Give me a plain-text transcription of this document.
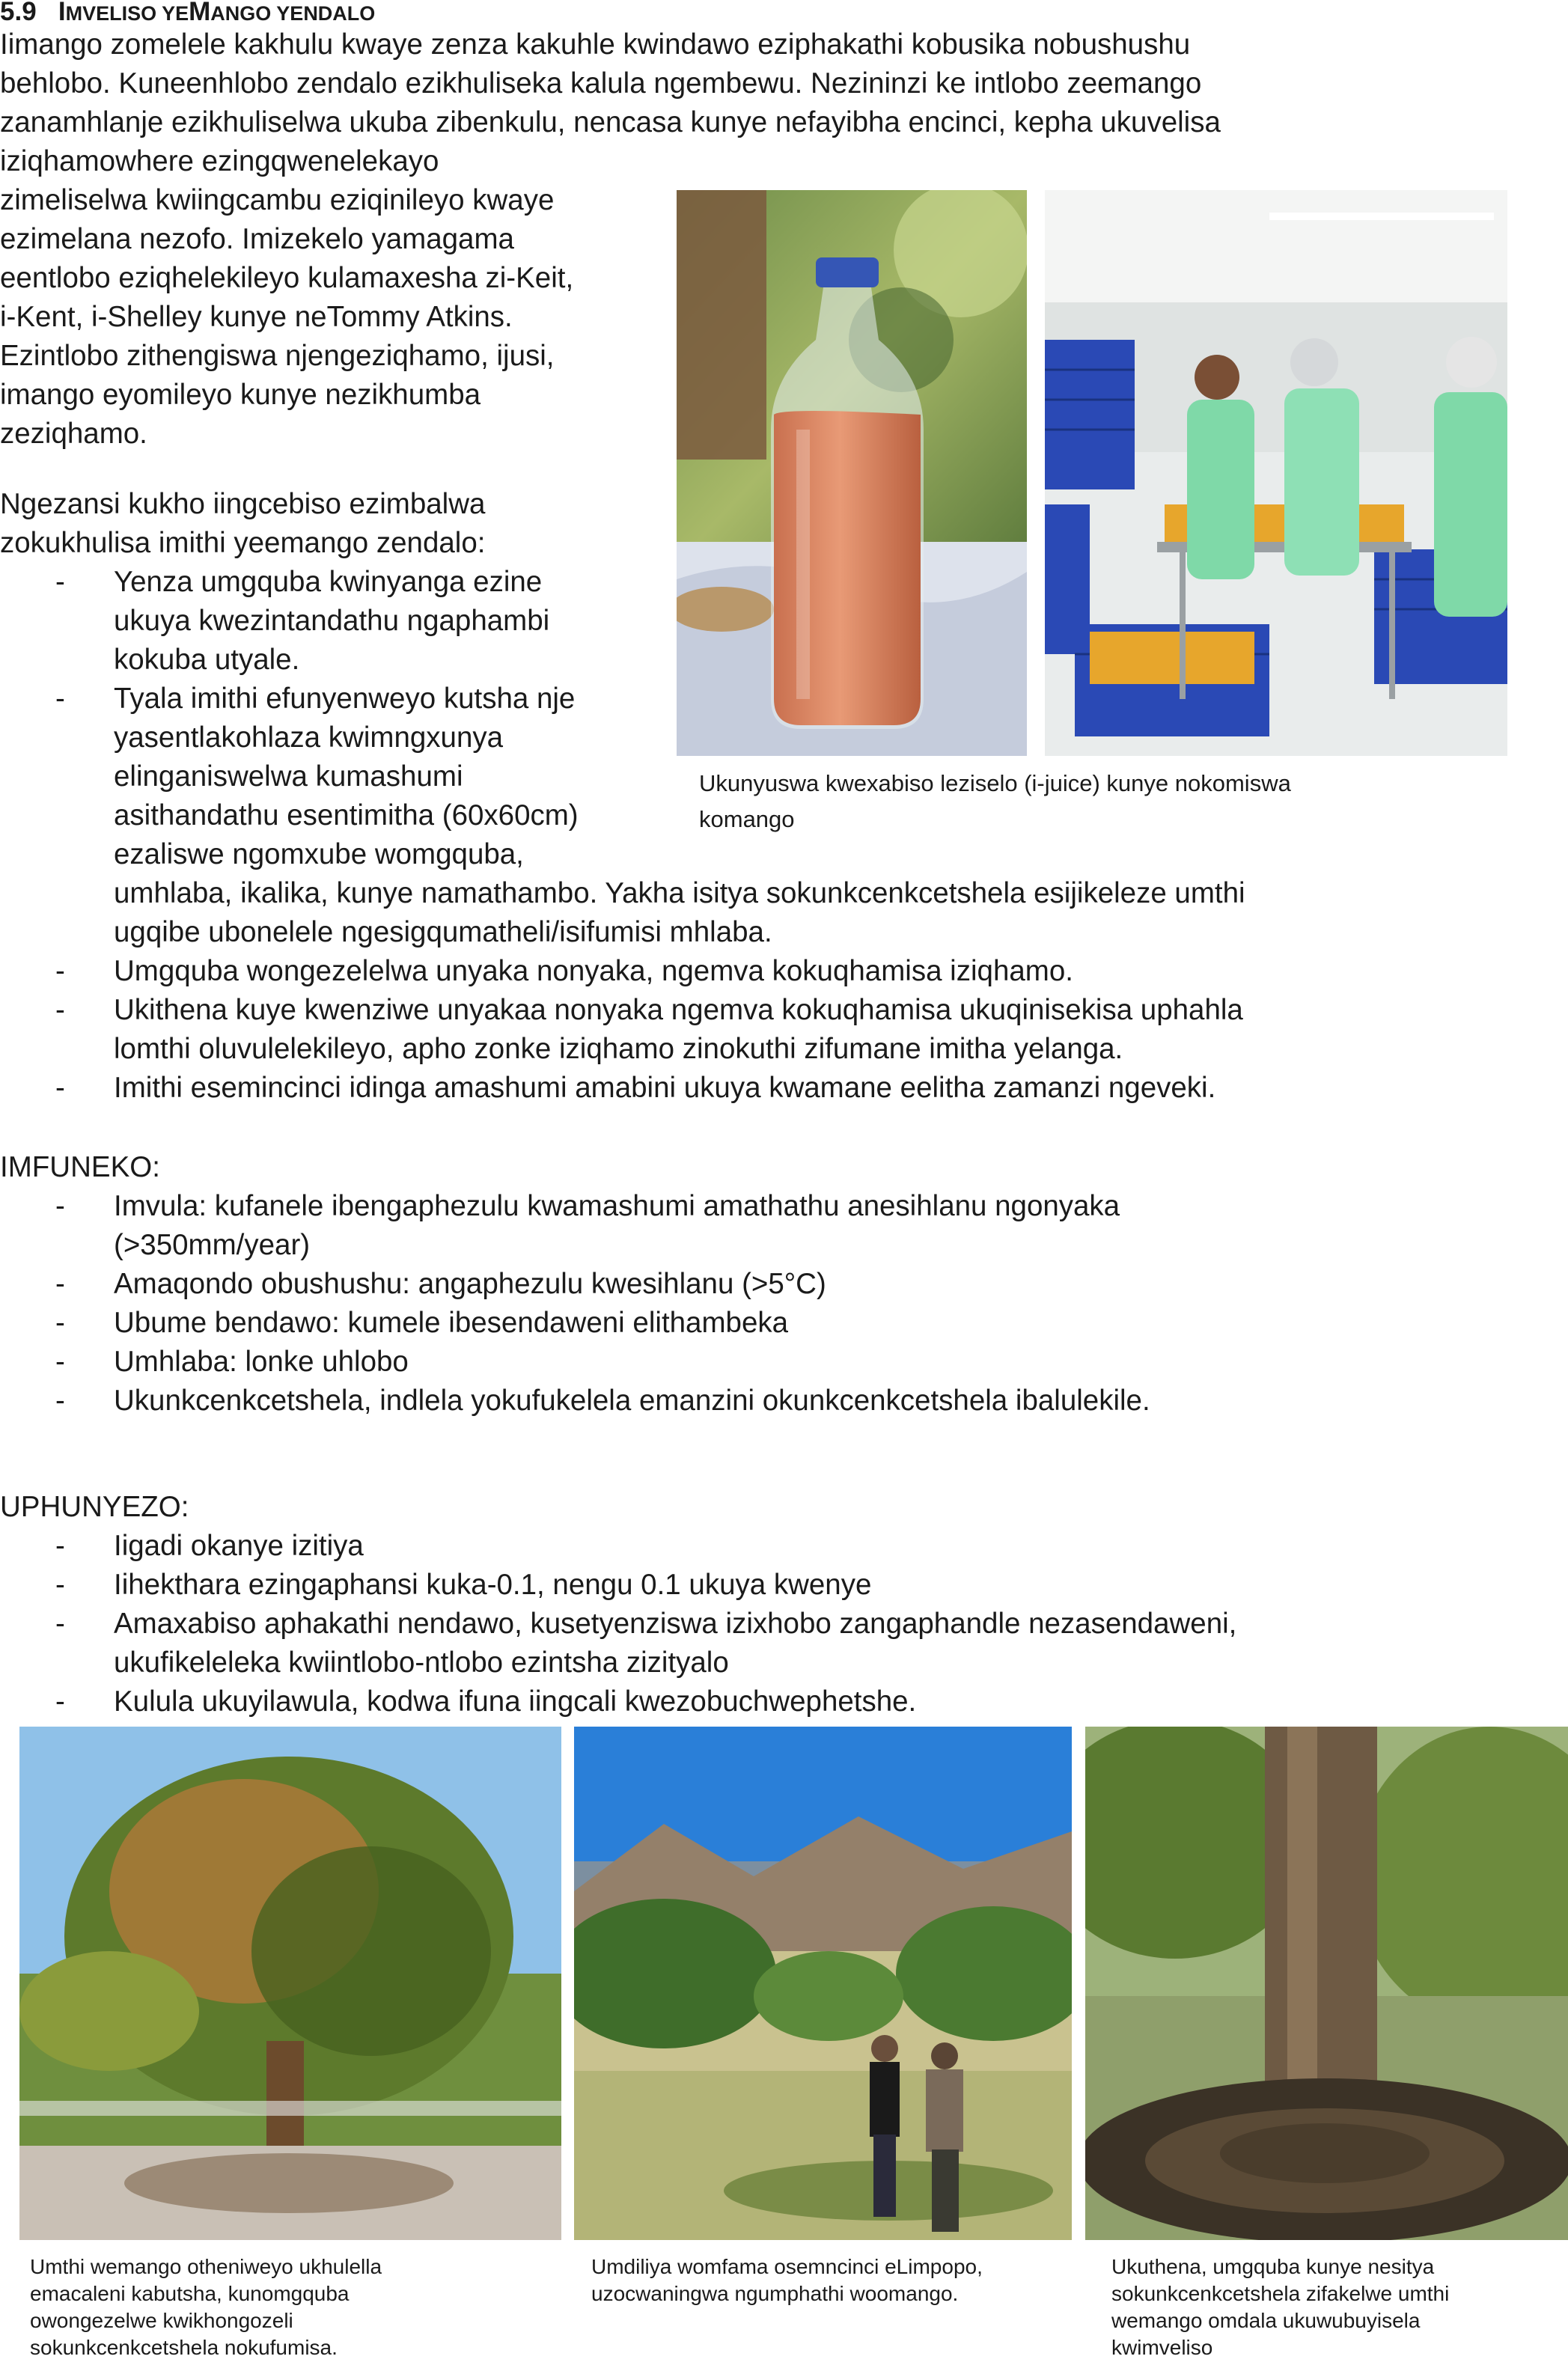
5.9 IMVELISO YEMANGO YENDALO
Iimango zomelele kakhulu kwaye zenza kakuhle kwindawo eziphakathi kobusika nobushushu
behlobo. Kuneenhlobo zendalo ezikhuliseka kalula ngembewu. Nezininzi ke intlobo zeemango
zanamhlanje ezikhuliselwa ukuba zibenkulu, nencasa kunye nefayibha encinci, kepha ukuvelisa
iziqhamowhere ezingqwenelekayo
zimeliselwa kwiingcambu eziqinileyo kwaye
ezimelana nezofo. Imizekelo yamagama
eentlobo eziqhelekileyo kulamaxesha zi-Keit,
i-Kent, i-Shelley kunye neTommy Atkins.
Ezintlobo zithengiswa njengeziqhamo, ijusi,
imango eyomileyo kunye nezikhumba
zeziqhamo.
Ngezansi kukho iingcebiso ezimbalwa
zokukhulisa imithi yeemango zendalo:
- Yenza umgquba kwinyanga ezine
ukuya kwezintandathu ngaphambi
kokuba utyale.
- Tyala imithi efunyenweyo kutsha nje
yasentlakohlaza kwimngxunya
elinganiswelwa kumashumi
asithandathu esentimitha (60x60cm)
ezaliswe ngomxube womgquba,
umhlaba, ikalika, kunye namathambo. Yakha isitya sokunkcenkcetshela esijikeleze umthi
ugqibe ubonelele ngesigqumatheli/isifumisi mhlaba.
- Umgquba wongezelelwa unyaka nonyaka, ngemva kokuqhamisa iziqhamo.
- Ukithena kuye kwenziwe unyakaa nonyaka ngemva kokuqhamisa ukuqinisekisa uphahla
lomthi oluvulelekileyo, apho zonke iziqhamo zinokuthi zifumane imitha yelanga.
- Imithi esemincinci idinga amashumi amabini ukuya kwamane eelitha zamanzi ngeveki.
Ukunyuswa kwexabiso leziselo (i-juice) kunye nokomiswa
komango
IMFUNEKO:
- Imvula: kufanele ibengaphezulu kwamashumi amathathu anesihlanu ngonyaka
(>350mm/year)
- Amaqondo obushushu: angaphezulu kwesihlanu (>5°C)
- Ubume bendawo: kumele ibesendaweni elithambeka
- Umhlaba: lonke uhlobo
- Ukunkcenkcetshela, indlela yokufukelela emanzini okunkcenkcetshela ibalulekile.
UPHUNYEZO:
- Iigadi okanye izitiya
- Iihekthara ezingaphansi kuka-0.1, nengu 0.1 ukuya kwenye
- Amaxabiso aphakathi nendawo, kusetyenziswa izixhobo zangaphandle nezasendaweni,
ukufikeleleka kwiintlobo-ntlobo ezintsha zizityalo
- Kulula ukuyilawula, kodwa ifuna iingcali kwezobuchwephetshe.
Umthi wemango otheniweyo ukhulella
emacaleni kabutsha, kunomgquba
owongezelwe kwikhongozeli
sokunkcenkcetshela nokufumisa.
Umdiliya womfama osemncinci eLimpopo,
uzocwaningwa ngumphathi woomango.
Ukuthena, umgquba kunye nesitya
sokunkcenkcetshela zifakelwe umthi
wemango omdala ukuwubuyisela
kwimveliso
